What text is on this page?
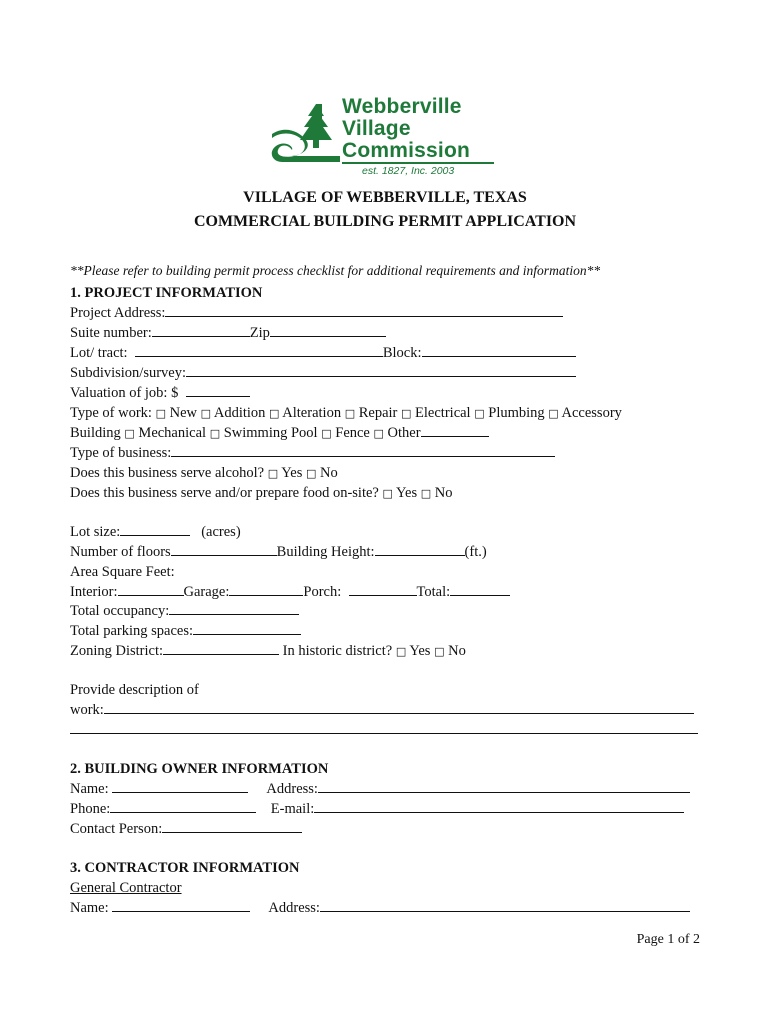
Webberville
Village
Commission
est. 1827, Inc. 2003
VILLAGE OF WEBBERVILLE, TEXAS
COMMERCIAL BUILDING PERMIT APPLICATION
**Please refer to building permit process checklist for additional requirements and information**
1. PROJECT INFORMATION
Project Address:
Suite number:	Zip
Lot/ tract:	Block:
Subdivision/survey:
Valuation of job: $
Type of work: □ New □ Addition □ Alteration □ Repair □ Electrical □ Plumbing □ Accessory
Building □ Mechanical □ Swimming Pool □ Fence □ Other
Type of business:
Does this business serve alcohol? □ Yes □ No
Does this business serve and/or prepare food on-site? □ Yes □ No
Lot size:	(acres)
Number of floors	Building Height:	(ft.)
Area Square Feet:
Interior:	Garage:	Porch:	Total:
Total occupancy:
Total parking spaces:
Zoning District:	In historic district? □ Yes □ No
Provide description of
work:
2. BUILDING OWNER INFORMATION
Name:	Address:
Phone:	E-mail:
Contact Person:
3. CONTRACTOR INFORMATION
General Contractor
Name:	Address:
Page 1 of 2
